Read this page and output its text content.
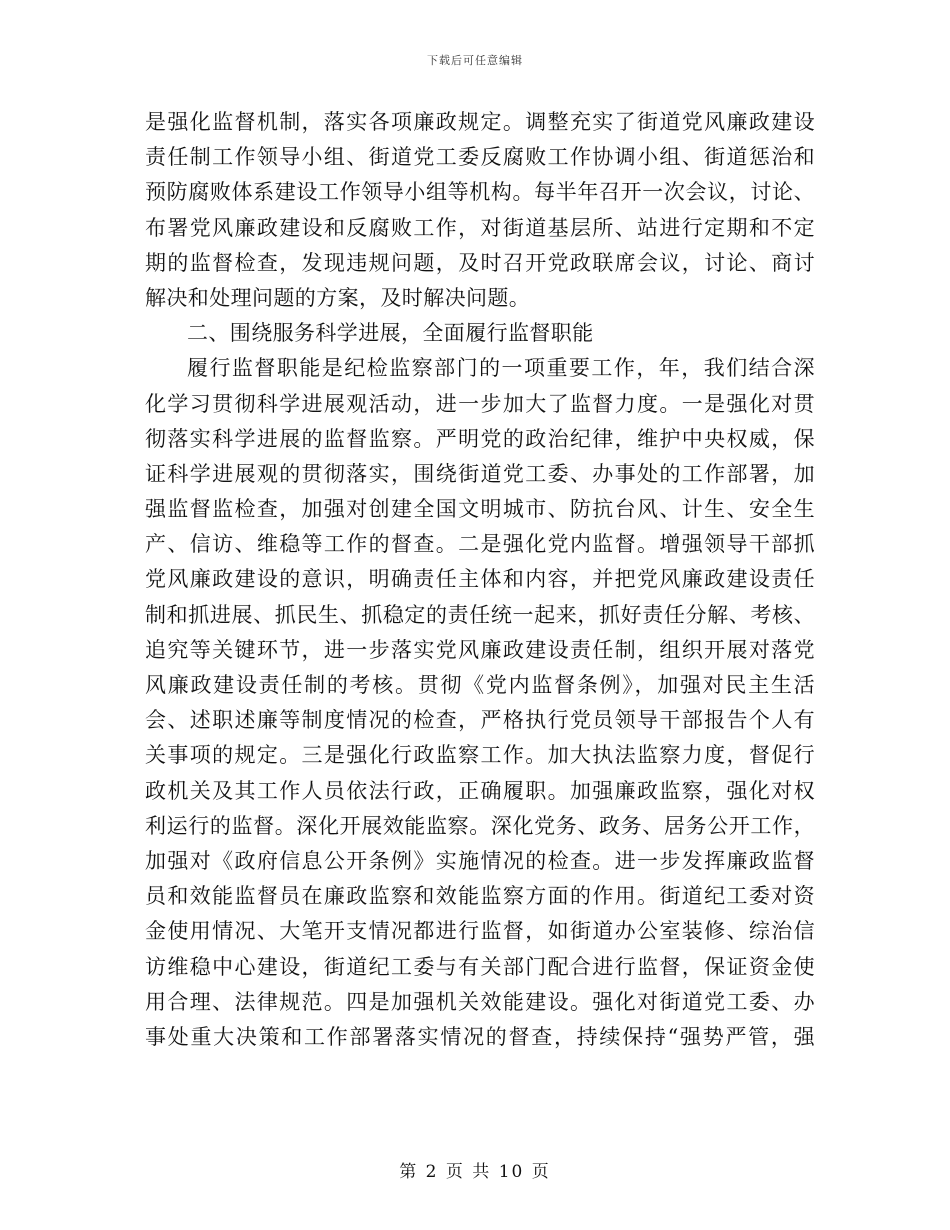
下载后可任意编辑
是强化监督机制，落实各项廉政规定。调整充实了街道党风廉政建设
责任制工作领导小组、街道党工委反腐败工作协调小组、街道惩治和
预防腐败体系建设工作领导小组等机构。每半年召开一次会议，讨论、
布署党风廉政建设和反腐败工作，对街道基层所、站进行定期和不定
期的监督检查，发现违规问题，及时召开党政联席会议，讨论、商讨
解决和处理问题的方案，及时解决问题。
二、围绕服务科学进展，全面履行监督职能
履行监督职能是纪检监察部门的一项重要工作，年，我们结合深
化学习贯彻科学进展观活动，进一步加大了监督力度。一是强化对贯
彻落实科学进展的监督监察。严明党的政治纪律，维护中央权威，保
证科学进展观的贯彻落实，围绕街道党工委、办事处的工作部署，加
强监督监检查，加强对创建全国文明城市、防抗台风、计生、安全生
产、信访、维稳等工作的督查。二是强化党内监督。增强领导干部抓
党风廉政建设的意识，明确责任主体和内容，并把党风廉政建设责任
制和抓进展、抓民生、抓稳定的责任统一起来，抓好责任分解、考核、
追究等关键环节，进一步落实党风廉政建设责任制，组织开展对落党
风廉政建设责任制的考核。贯彻《党内监督条例》，加强对民主生活
会、述职述廉等制度情况的检查，严格执行党员领导干部报告个人有
关事项的规定。三是强化行政监察工作。加大执法监察力度，督促行
政机关及其工作人员依法行政，正确履职。加强廉政监察，强化对权
利运行的监督。深化开展效能监察。深化党务、政务、居务公开工作，
加强对《政府信息公开条例》实施情况的检查。进一步发挥廉政监督
员和效能监督员在廉政监察和效能监察方面的作用。街道纪工委对资
金使用情况、大笔开支情况都进行监督，如街道办公室装修、综治信
访维稳中心建设，街道纪工委与有关部门配合进行监督，保证资金使
用合理、法律规范。四是加强机关效能建设。强化对街道党工委、办
事处重大决策和工作部署落实情况的督查，持续保持“强势严管，强
第 2 页 共 10 页
